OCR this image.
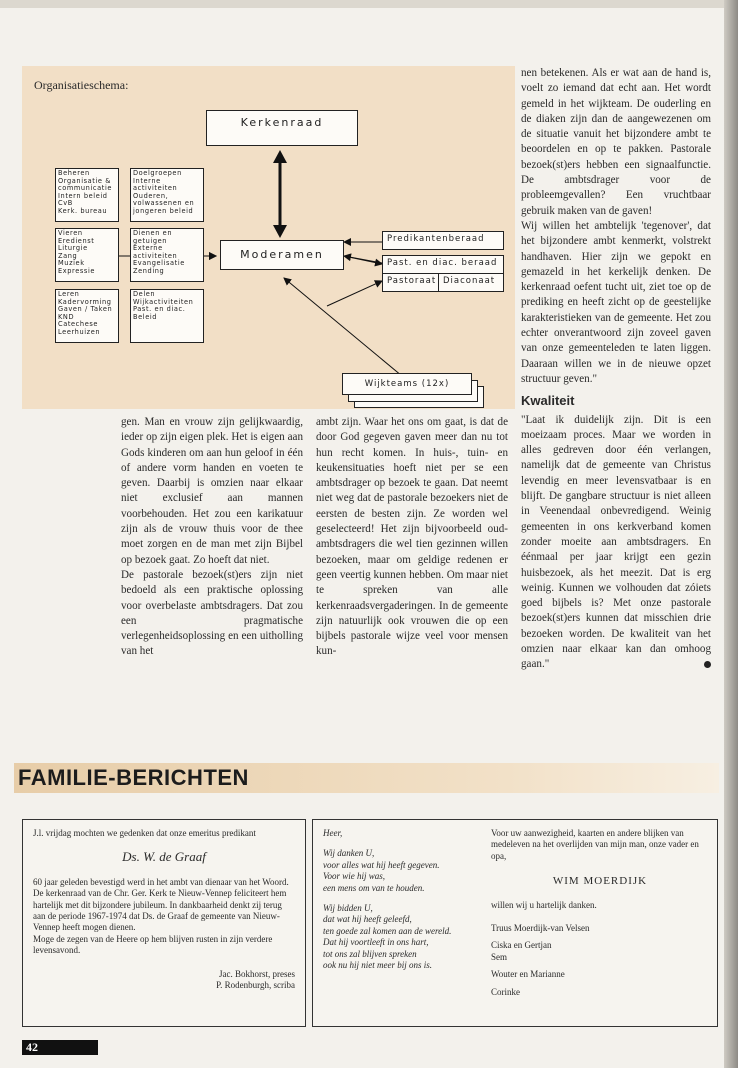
Organisatieschema:
Kerkenraad
Moderamen
Predikantenberaad
Past. en diac. beraad
Pastoraat Diaconaat
Wijkteams (12x)
Beheren
Organisatie &
communicatie
Intern beleid
CvB
Kerk. bureau
Vieren
Eredienst
Liturgie
Zang
Muziek
Expressie
Leren
Kadervorming
Gaven / Taken
KND
Catechese
Leerhuizen
Doelgroepen
Interne
activiteiten
Ouderen,
volwassenen en
jongeren beleid
Dienen en
getuigen
Externe
activiteiten
Evangelisatie
Zending
Delen
Wijkactiviteiten
Past. en diac.
Beleid

nen betekenen. Als er wat aan de hand is, voelt zo iemand dat echt aan. Het wordt gemeld in het wijkteam. De ouderling en de diaken zijn dan de aangewezenen om de situatie vanuit het bijzondere ambt te beoordelen en op te pakken. Pastorale bezoek(st)ers hebben een signaalfunctie. De ambtsdrager voor de probleemgevallen? Een vruchtbaar gebruik maken van de gaven!

Wij willen het ambtelijk 'tegenover', dat het bijzondere ambt kenmerkt, volstrekt handhaven. Hier zijn we gepokt en gemazeld in het kerkelijk denken. De kerkenraad oefent tucht uit, ziet toe op de prediking en heeft zicht op de geestelijke karakteristieken van de gemeente. Het zou echter onverantwoord zijn zoveel gaven van onze gemeenteleden te laten liggen. Daaraan willen we in de nieuwe opzet structuur geven."

Kwaliteit

"Laat ik duidelijk zijn. Dit is een moeizaam proces. Maar we worden in alles gedreven door één verlangen, namelijk dat de gemeente van Christus levendig en meer levensvatbaar is en blijft. De gangbare structuur is niet alleen in Veenendaal onbevredigend. Weinig gemeenten in ons kerkverband komen zonder moeite aan ambtsdragers. En éénmaal per jaar krijgt een gezin huisbezoek, als het meezit. Dat is erg weinig. Kunnen we volhouden dat zóiets goed bijbels is? Met onze pastorale bezoek(st)ers kunnen dat misschien drie bezoeken worden. De kwaliteit van het omzien naar elkaar kan dan omhoog gaan."

gen. Man en vrouw zijn gelijkwaardig, ieder op zijn eigen plek. Het is eigen aan Gods kinderen om aan hun geloof in één of andere vorm handen en voeten te geven. Daarbij is omzien naar elkaar niet exclusief aan mannen voorbehouden. Het zou een karikatuur zijn als de vrouw thuis voor de thee moet zorgen en de man met zijn Bijbel op bezoek gaat. Zo hoeft dat niet.

De pastorale bezoek(st)ers zijn niet bedoeld als een praktische oplossing voor overbelaste ambtsdragers. Dat zou een pragmatische verlegenheidsoplossing en een uitholling van het

ambt zijn. Waar het ons om gaat, is dat de door God gegeven gaven meer dan nu tot hun recht komen. In huis-, tuin- en keukensituaties hoeft niet per se een ambtsdrager op bezoek te gaan. Dat neemt niet weg dat de pastorale bezoekers niet de eersten de besten zijn. Ze worden wel geselecteerd! Het zijn bijvoorbeeld oud-ambtsdragers die wel tien gezinnen willen bezoeken, maar om geldige redenen er geen veertig kunnen hebben. Om maar niet te spreken van alle kerkenraadsvergaderingen. In de gemeente zijn natuurlijk ook vrouwen die op een bijbels pastorale wijze veel voor mensen kun-

FAMILIE-BERICHTEN
J.l. vrijdag mochten we gedenken dat onze emeritus predikant
Ds. W. de Graaf
60 jaar geleden bevestigd werd in het ambt van dienaar van het Woord.
De kerkenraad van de Chr. Ger. Kerk te Nieuw-Vennep feliciteert hem hartelijk met dit bijzondere jubileum. In dankbaarheid denkt zij terug aan de periode 1967-1974 dat Ds. de Graaf de gemeente van Nieuw-Vennep heeft mogen dienen.
Moge de zegen van de Heere op hem blijven rusten in zijn verdere levensavond.
Jac. Bokhorst, preses
P. Rodenburgh, scriba
Heer,
Wij danken U,
voor alles wat hij heeft gegeven.
Voor wie hij was,
een mens om van te houden.
Wij bidden U,
dat wat hij heeft geleefd,
ten goede zal komen aan de wereld.
Dat hij voortleeft in ons hart,
tot ons zal blijven spreken
ook nu hij niet meer bij ons is.
Voor uw aanwezigheid, kaarten en andere blijken van medeleven na het overlijden van mijn man, onze vader en opa,
WIM MOERDIJK
willen wij u hartelijk danken.
Truus Moerdijk-van Velsen
Ciska en Gertjan
Sem
Wouter en Marianne
Corinke
42
